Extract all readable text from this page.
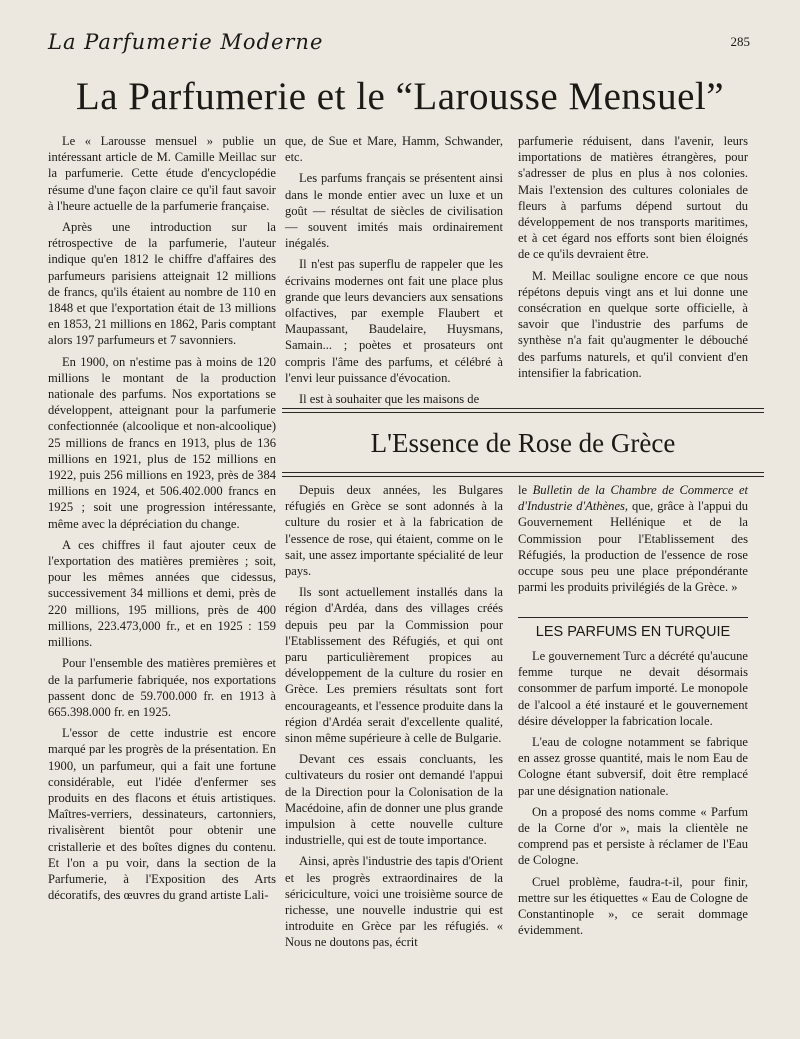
La Parfumerie Moderne	285
La Parfumerie et le “Larousse Mensuel”

Le « Larousse mensuel » publie un intéressant article de M. Camille Meillac sur la parfumerie. Cette étude d'encyclopédie résume d'une façon claire ce qu'il faut savoir à l'heure actuelle de la parfumerie française.

Après une introduction sur la rétrospective de la parfumerie, l'auteur indique qu'en 1812 le chiffre d'affaires des parfumeurs parisiens atteignait 12 millions de francs, qu'ils étaient au nombre de 110 en 1848 et que l'exportation était de 13 millions en 1853, 21 millions en 1862, Paris comptant alors 197 parfumeurs et 7 savonniers.

En 1900, on n'estime pas à moins de 120 millions le montant de la production nationale des parfums. Nos exportations se développent, atteignant pour la parfumerie confectionnée (alcoolique et non-alcoolique) 25 millions de francs en 1913, plus de 136 millions en 1921, plus de 152 millions en 1922, puis 256 millions en 1923, près de 384 millions en 1924, et 506.402.000 francs en 1925 ; soit une progression intéressante, même avec la dépréciation du change.

A ces chiffres il faut ajouter ceux de l'exportation des matières premières ; soit, pour les mêmes années que cidessus, successivement 34 millions et demi, près de 220 millions, 195 millions, près de 400 millions, 223.473,000 fr., et en 1925 : 159 millions.

Pour l'ensemble des matières premières et de la parfumerie fabriquée, nos exportations passent donc de 59.700.000 fr. en 1913 à 665.398.000 fr. en 1925.

L'essor de cette industrie est encore marqué par les progrès de la présentation. En 1900, un parfumeur, qui a fait une fortune considérable, eut l'idée d'enfermer ses produits en des flacons et étuis artistiques. Maîtres-verriers, dessinateurs, cartonniers, rivalisèrent bientôt pour obtenir une cristallerie et des boîtes dignes du contenu. Et l'on a pu voir, dans la section de la Parfumerie, à l'Exposition des Arts décoratifs, des œuvres du grand artiste Lali-

que, de Sue et Mare, Hamm, Schwander, etc.

Les parfums français se présentent ainsi dans le monde entier avec un luxe et un goût — résultat de siècles de civilisation — souvent imités mais ordinairement inégalés.

Il n'est pas superflu de rappeler que les écrivains modernes ont fait une place plus grande que leurs devanciers aux sensations olfactives, par exemple Flaubert et Maupassant, Baudelaire, Huysmans, Samain... ; poètes et prosateurs ont compris l'âme des parfums, et célébré à l'envi leur puissance d'évocation.

Il est à souhaiter que les maisons de

parfumerie réduisent, dans l'avenir, leurs importations de matières étrangères, pour s'adresser de plus en plus à nos colonies. Mais l'extension des cultures coloniales de fleurs à parfums dépend surtout du développement de nos transports maritimes, et à cet égard nos efforts sont bien éloignés de ce qu'ils devraient être.

M. Meillac souligne encore ce que nous répétons depuis vingt ans et lui donne une consécration en quelque sorte officielle, à savoir que l'industrie des parfums de synthèse n'a fait qu'augmenter le débouché des parfums naturels, et qu'il convient d'en intensifier la fabrication.

L'Essence de Rose de Grèce

Depuis deux années, les Bulgares réfugiés en Grèce se sont adonnés à la culture du rosier et à la fabrication de l'essence de rose, qui étaient, comme on le sait, une assez importante spécialité de leur pays.

Ils sont actuellement installés dans la région d'Ardéa, dans des villages créés depuis peu par la Commission pour l'Etablissement des Réfugiés, et qui ont paru particulièrement propices au développement de la culture du rosier en Grèce. Les premiers résultats sont fort encourageants, et l'essence produite dans la région d'Ardéa serait d'excellente qualité, sinon même supérieure à celle de Bulgarie.

Devant ces essais concluants, les cultivateurs du rosier ont demandé l'appui de la Direction pour la Colonisation de la Macédoine, afin de donner une plus grande impulsion à cette nouvelle culture industrielle, qui est de toute importance.

Ainsi, après l'industrie des tapis d'Orient et les progrès extraordinaires de la sériciculture, voici une troisième source de richesse, une nouvelle industrie qui est introduite en Grèce par les réfugiés. « Nous ne doutons pas, écrit

le Bulletin de la Chambre de Commerce et d'Industrie d'Athènes, que, grâce à l'appui du Gouvernement Hellénique et de la Commission pour l'Etablissement des Réfugiés, la production de l'essence de rose occupe sous peu une place prépondérante parmi les produits privilégiés de la Grèce. »

LES PARFUMS EN TURQUIE

Le gouvernement Turc a décrété qu'aucune femme turque ne devait désormais consommer de parfum importé. Le monopole de l'alcool a été instauré et le gouvernement désire développer la fabrication locale.

L'eau de cologne notamment se fabrique en assez grosse quantité, mais le nom Eau de Cologne étant subversif, doit être remplacé par une désignation nationale.

On a proposé des noms comme « Parfum de la Corne d'or », mais la clientèle ne comprend pas et persiste à réclamer de l'Eau de Cologne.

Cruel problème, faudra-t-il, pour finir, mettre sur les étiquettes « Eau de Cologne de Constantinople », ce serait dommage évidemment.
